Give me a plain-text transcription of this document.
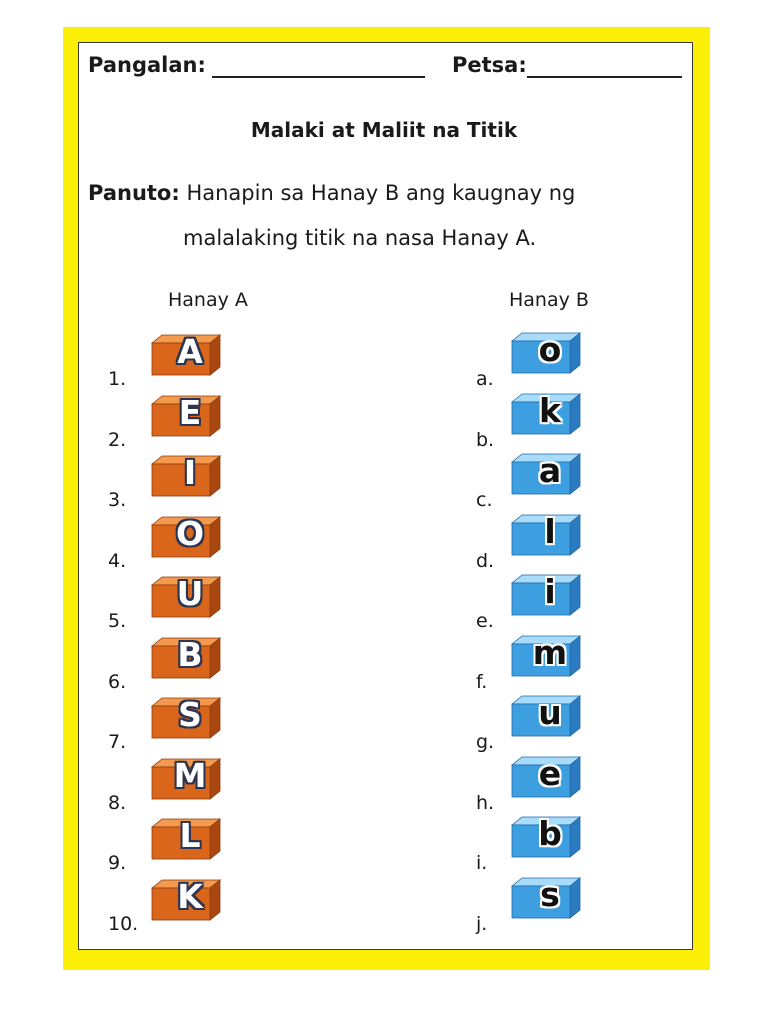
Pangalan:	Petsa:
Malaki at Maliit na Titik
Panuto: Hanapin sa Hanay B ang kaugnay ng
malalaking titik na nasa Hanay A.
Hanay A	Hanay B
1.
A
2.
E
3.
I
4.
O
5.
U
6.
B
7.
S
8.
M
9.
L
10.
K
a.
o
b.
k
c.
a
d.
l
e.
i
f.
m
g.
u
h.
e
i.
b
j.
s
